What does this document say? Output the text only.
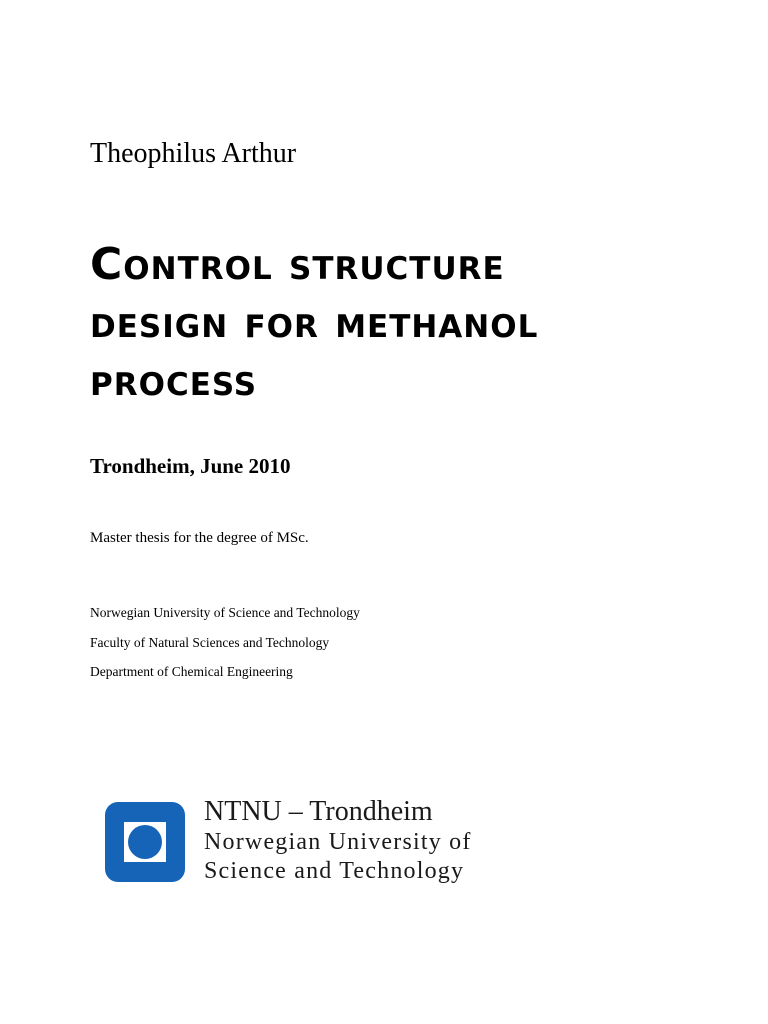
Theophilus Arthur
Control structure
design for methanol
process
Trondheim, June 2010
Master thesis for the degree of MSc.
Norwegian University of Science and Technology
Faculty of Natural Sciences and Technology
Department of Chemical Engineering
NTNU – Trondheim
Norwegian University of
Science and Technology
